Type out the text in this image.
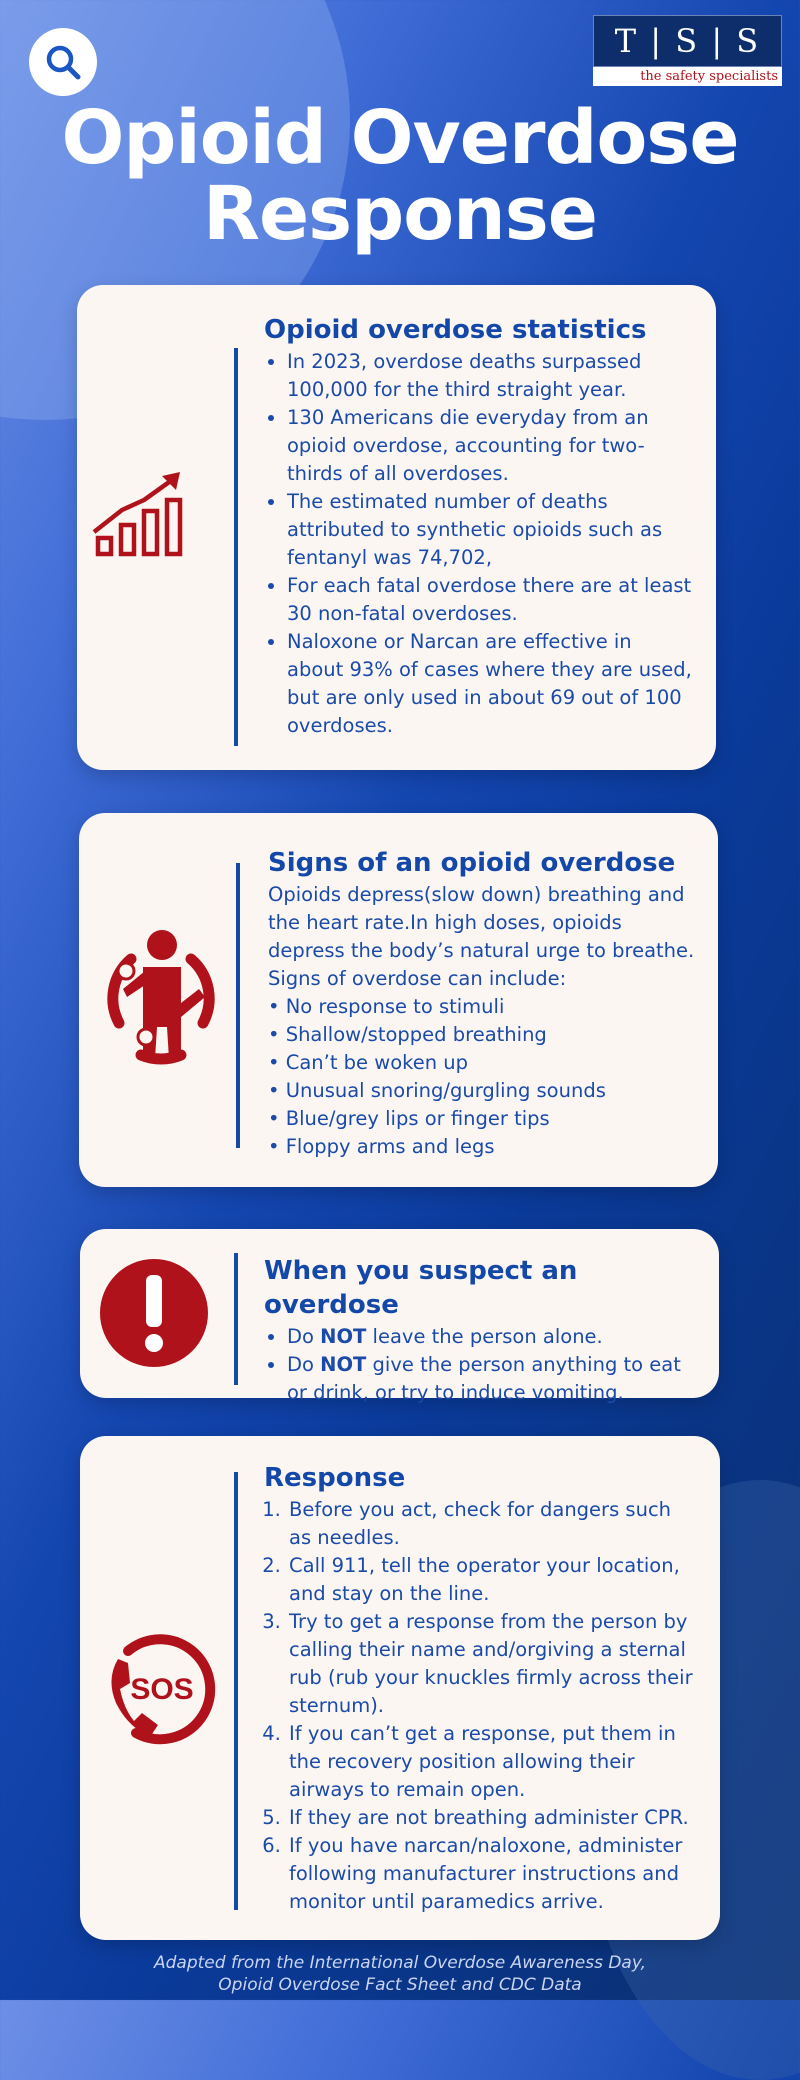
T | S | S
the safety specialists
Opioid Overdose
Response
Opioid overdose statistics
• In 2023, overdose deaths surpassed 100,000 for the third straight year.
• 130 Americans die everyday from an opioid overdose, accounting for two-thirds of all overdoses.
• The estimated number of deaths attributed to synthetic opioids such as fentanyl was 74,702,
• For each fatal overdose there are at least 30 non-fatal overdoses.
• Naloxone or Narcan are effective in about 93% of cases where they are used, but are only used in about 69 out of 100 overdoses.
Signs of an opioid overdose
Opioids depress(slow down) breathing and the heart rate.In high doses, opioids depress the body’s natural urge to breathe. Signs of overdose can include:
• No response to stimuli
• Shallow/stopped breathing
• Can’t be woken up
• Unusual snoring/gurgling sounds
• Blue/grey lips or finger tips
• Floppy arms and legs
When you suspect an overdose
• Do NOT leave the person alone.
• Do NOT give the person anything to eat or drink, or try to induce vomiting.
SOS
Response
1. Before you act, check for dangers such as needles.
2. Call 911, tell the operator your location, and stay on the line.
3. Try to get a response from the person by calling their name and/orgiving a sternal rub (rub your knuckles firmly across their sternum).
4. If you can’t get a response, put them in the recovery position allowing their airways to remain open.
5. If they are not breathing administer CPR.
6. If you have narcan/naloxone, administer following manufacturer instructions and monitor until paramedics arrive.
Adapted from the International Overdose Awareness Day,
Opioid Overdose Fact Sheet and CDC Data
